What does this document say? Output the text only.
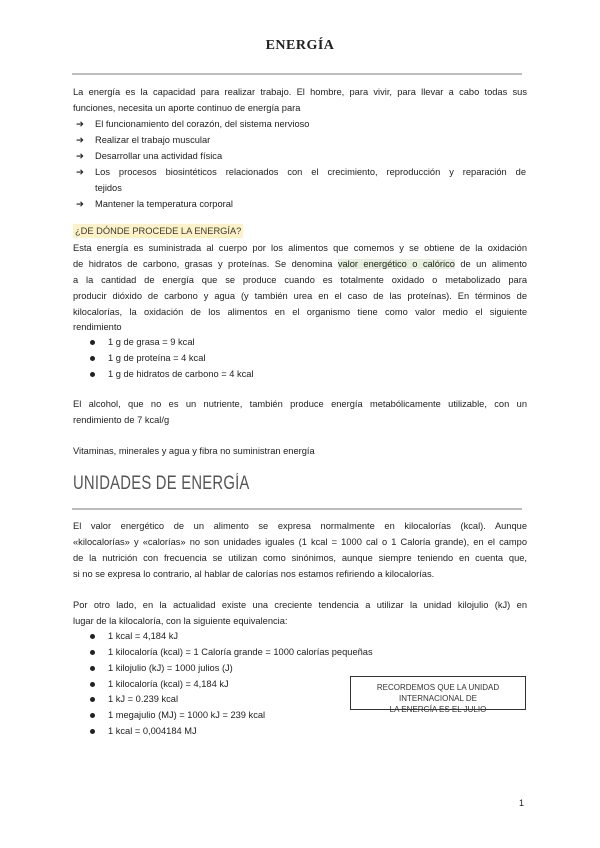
ENERGÍA
La energía es la capacidad para realizar trabajo. El hombre, para vivir, para llevar a cabo todas sus
funciones, necesita un aporte continuo de energía para
➔	El funcionamiento del corazón, del sistema nervioso
➔	Realizar el trabajo muscular
➔	Desarrollar una actividad física
➔	Los procesos biosintéticos relacionados con el crecimiento, reproducción y reparación de
tejidos
➔	Mantener la temperatura corporal
¿DE DÓNDE PROCEDE LA ENERGÍA?
Esta energía es suministrada al cuerpo por los alimentos que comemos y se obtiene de la oxidación
de hidratos de carbono, grasas y proteínas. Se denomina valor energético o calórico de un alimento
a la cantidad de energía que se produce cuando es totalmente oxidado o metabolizado para
producir dióxido de carbono y agua (y también urea en el caso de las proteínas). En términos de
kilocalorías, la oxidación de los alimentos en el organismo tiene como valor medio el siguiente
rendimiento
1 g de grasa = 9 kcal
1 g de proteína = 4 kcal
1 g de hidratos de carbono = 4 kcal
El alcohol, que no es un nutriente, también produce energía metabólicamente utilizable, con un
rendimiento de 7 kcal/g
Vitaminas, minerales y agua y fibra no suministran energía
UNIDADES DE ENERGÍA
El valor energético de un alimento se expresa normalmente en kilocalorías (kcal). Aunque
«kilocalorías» y «calorías» no son unidades iguales (1 kcal = 1000 cal o 1 Caloría grande), en el campo
de la nutrición con frecuencia se utilizan como sinónimos, aunque siempre teniendo en cuenta que,
si no se expresa lo contrario, al hablar de calorías nos estamos refiriendo a kilocalorías.
Por otro lado, en la actualidad existe una creciente tendencia a utilizar la unidad kilojulio (kJ) en
lugar de la kilocaloría, con la siguiente equivalencia:
1 kcal = 4,184 kJ
1 kilocaloría (kcal) = 1 Caloría grande = 1000 calorías pequeñas
1 kilojulio (kJ) = 1000 julios (J)
1 kilocaloría (kcal) = 4,184 kJ
1 kJ = 0.239 kcal
1 megajulio (MJ) = 1000 kJ = 239 kcal
1 kcal = 0,004184 MJ
RECORDEMOS QUE LA UNIDAD INTERNACIONAL DE
LA ENERGÍA ES EL JULIO
1
